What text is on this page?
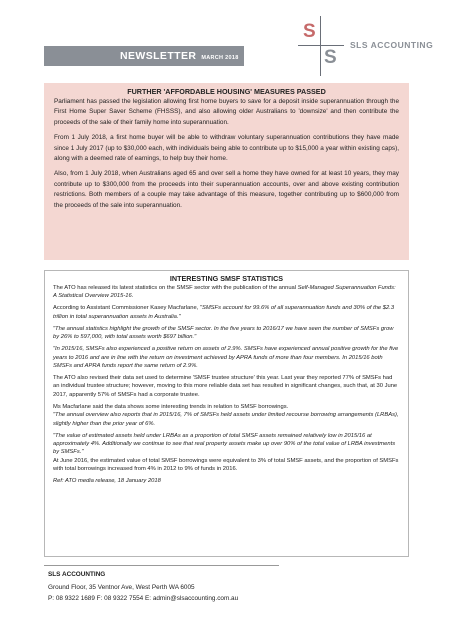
NEWSLETTER MARCH 2018
S
S
SLS ACCOUNTING
FURTHER 'AFFORDABLE HOUSING' MEASURES PASSED

Parliament has passed the legislation allowing first home buyers to save for a deposit inside superannuation through the First Home Super Saver Scheme (FHSSS), and also allowing older Australians to 'downsize' and then contribute the proceeds of the sale of their family home into superannuation.

From 1 July 2018, a first home buyer will be able to withdraw voluntary superannuation contributions they have made since 1 July 2017 (up to $30,000 each, with individuals being able to contribute up to $15,000 a year within existing caps), along with a deemed rate of earnings, to help buy their home.

Also, from 1 July 2018, when Australians aged 65 and over sell a home they have owned for at least 10 years, they may contribute up to $300,000 from the proceeds into their superannuation accounts, over and above existing contribution restrictions. Both members of a couple may take advantage of this measure, together contributing up to $600,000 from the proceeds of the sale into superannuation.

INTERESTING SMSF STATISTICS

The ATO has released its latest statistics on the SMSF sector with the publication of the annual Self-Managed Superannuation Funds: A Statistical Overview 2015-16.

According to Assistant Commissioner Kasey Macfarlane, "SMSFs account for 99.6% of all superannuation funds and 30% of the $2.3 trillion in total superannuation assets in Australia."

"The annual statistics highlight the growth of the SMSF sector. In the five years to 2016/17 we have seen the number of SMSFs grow by 26% to 597,000, with total assets worth $697 billion."

"In 2015/16, SMSFs also experienced a positive return on assets of 2.9%. SMSFs have experienced annual positive growth for the five years to 2016 and are in line with the return on investment achieved by APRA funds of more than four members. In 2015/16 both SMSFs and APRA funds report the same return of 2.9%.

The ATO also revised their data set used to determine 'SMSF trustee structure' this year. Last year they reported 77% of SMSFs had an individual trustee structure; however, moving to this more reliable data set has resulted in significant changes, such that, at 30 June 2017, apparently 57% of SMSFs had a corporate trustee.

Ms Macfarlane said the data shows some interesting trends in relation to SMSF borrowings.
"The annual overview also reports that in 2015/16, 7% of SMSFs held assets under limited recourse borrowing arrangements (LRBAs), slightly higher than the prior year of 6%.

"The value of estimated assets held under LRBAs as a proportion of total SMSF assets remained relatively low in 2015/16 at approximately 4%. Additionally we continue to see that real property assets make up over 90% of the total value of LRBA investments by SMSFs."
At June 2016, the estimated value of total SMSF borrowings were equivalent to 3% of total SMSF assets, and the proportion of SMSFs with total borrowings increased from 4% in 2012 to 9% of funds in 2016.

Ref: ATO media release, 18 January 2018

SLS ACCOUNTING
Ground Floor, 35 Ventnor Ave, West Perth WA 6005
P: 08 9322 1689 F: 08 9322 7554 E: admin@slsaccounting.com.au
